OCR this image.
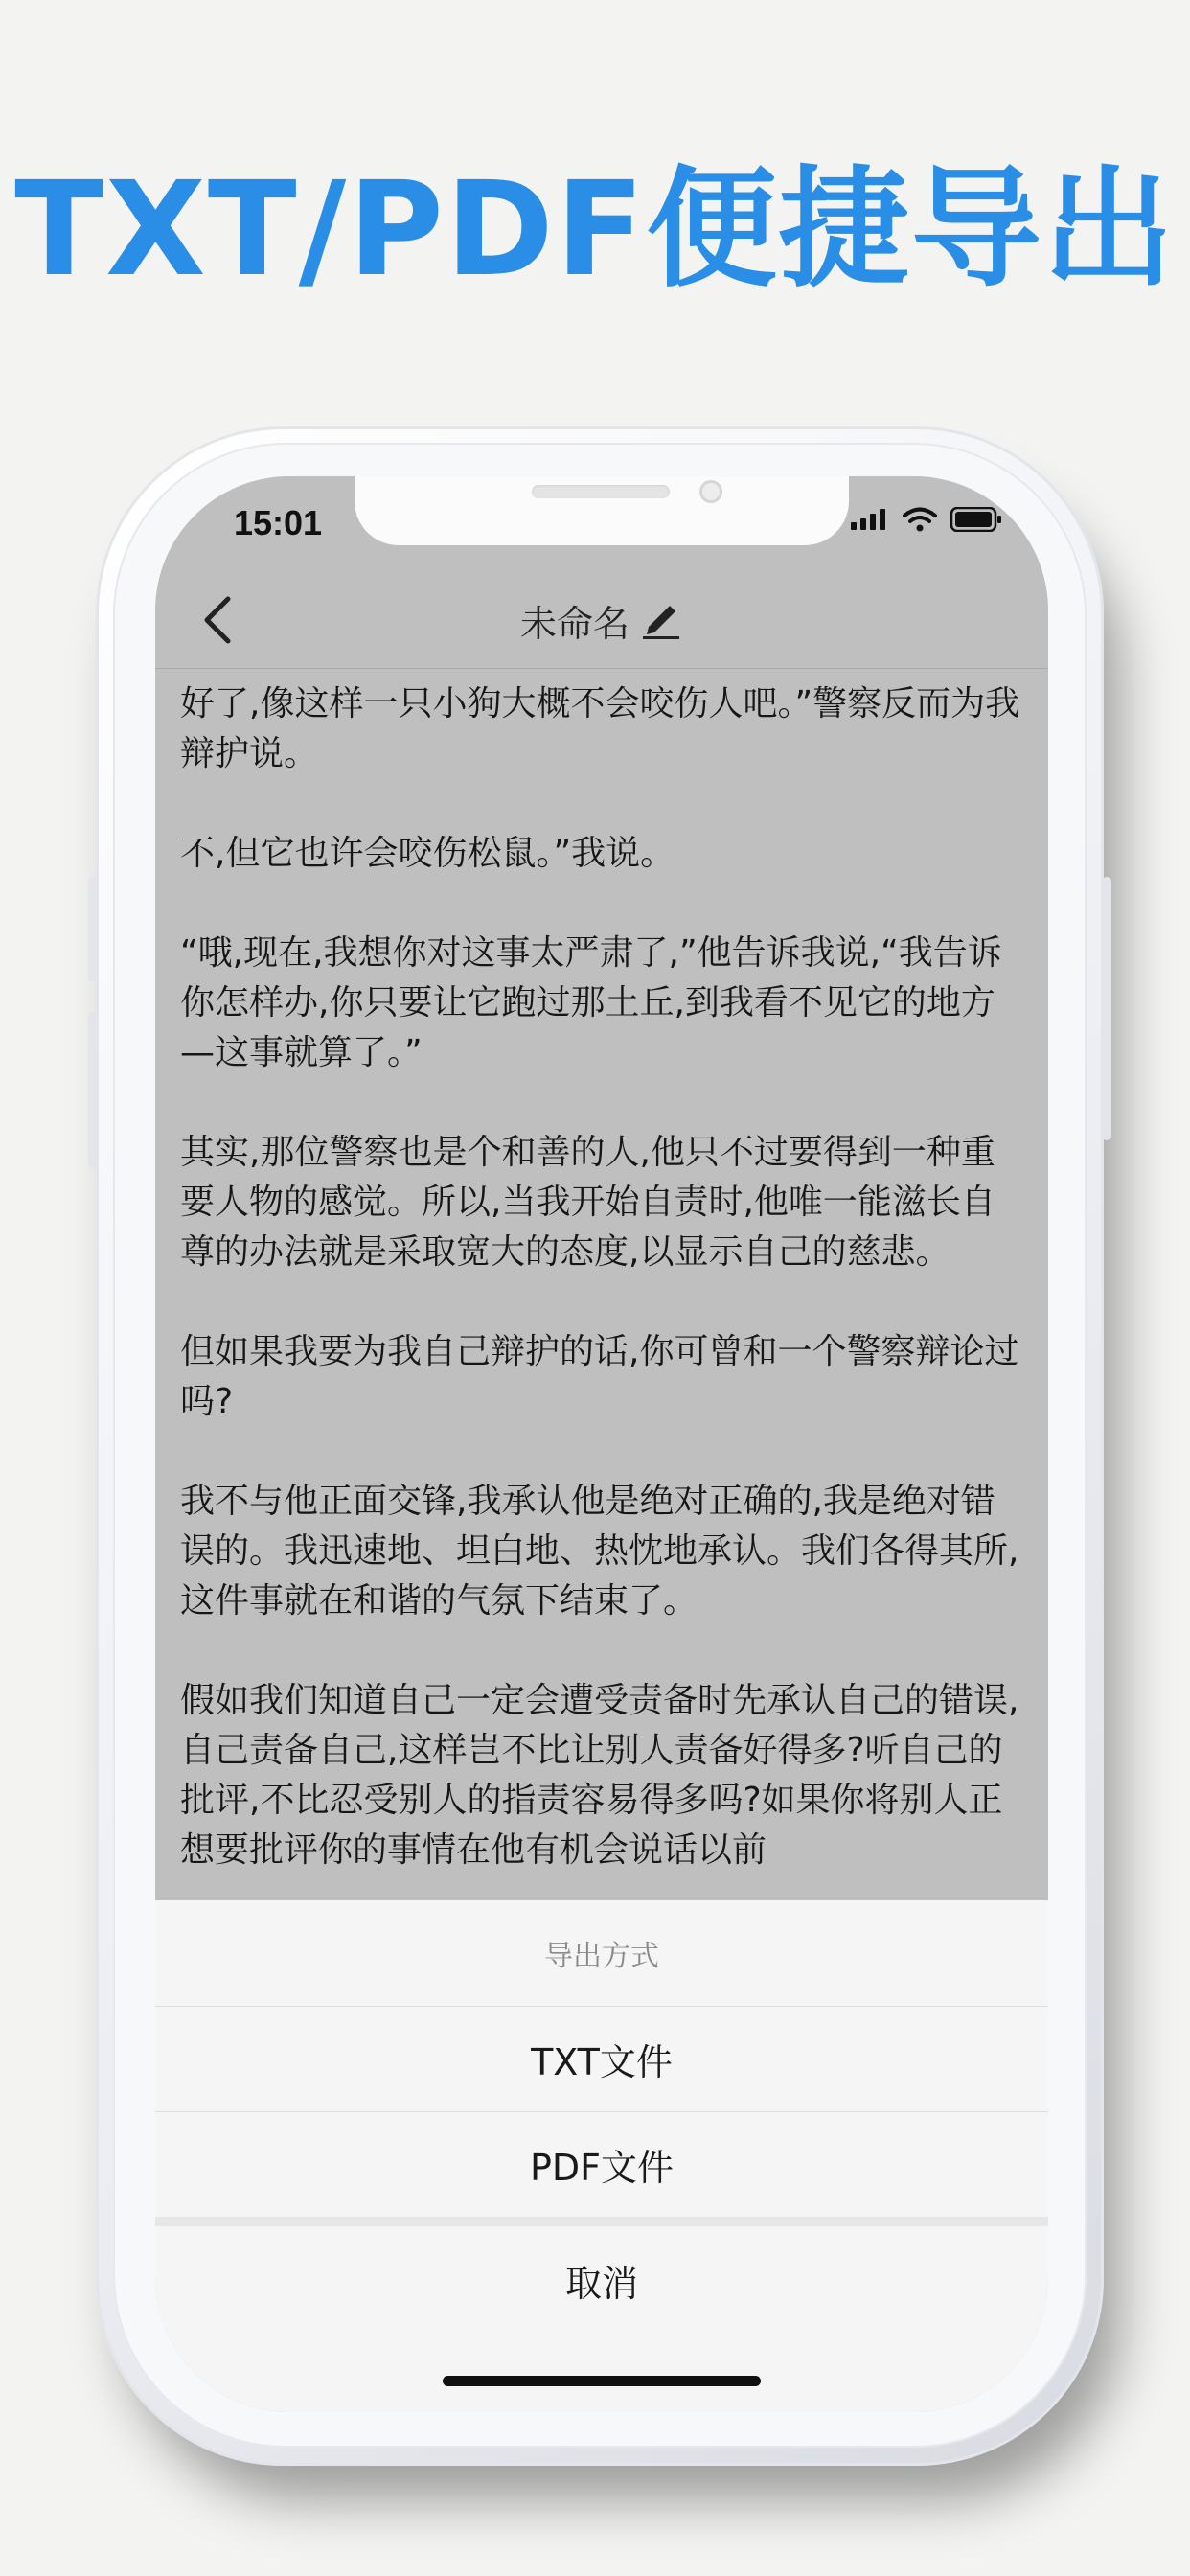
TXT/PDF便捷导出
15:01
未命名

好了,像这样一只小狗大概不会咬伤人吧。”警察反而为我辩护说。

不,但它也许会咬伤松鼠。”我说。

“哦,现在,我想你对这事太严肃了,”他告诉我说,“我告诉你怎样办,你只要让它跑过那土丘,到我看不见它的地方—这事就算了。”

其实,那位警察也是个和善的人,他只不过要得到一种重要人物的感觉。所以,当我开始自责时,他唯一能滋长自尊的办法就是采取宽大的态度,以显示自己的慈悲。

但如果我要为我自己辩护的话,你可曾和一个警察辩论过吗?

我不与他正面交锋,我承认他是绝对正确的,我是绝对错误的。我迅速地、坦白地、热忱地承认。我们各得其所,这件事就在和谐的气氛下结束了。

假如我们知道自己一定会遭受责备时先承认自己的错误,自己责备自己,这样岂不比让别人责备好得多?听自己的批评,不比忍受别人的指责容易得多吗?如果你将别人正想要批评你的事情在他有机会说话以前

导出方式
TXT文件
PDF文件
取消
